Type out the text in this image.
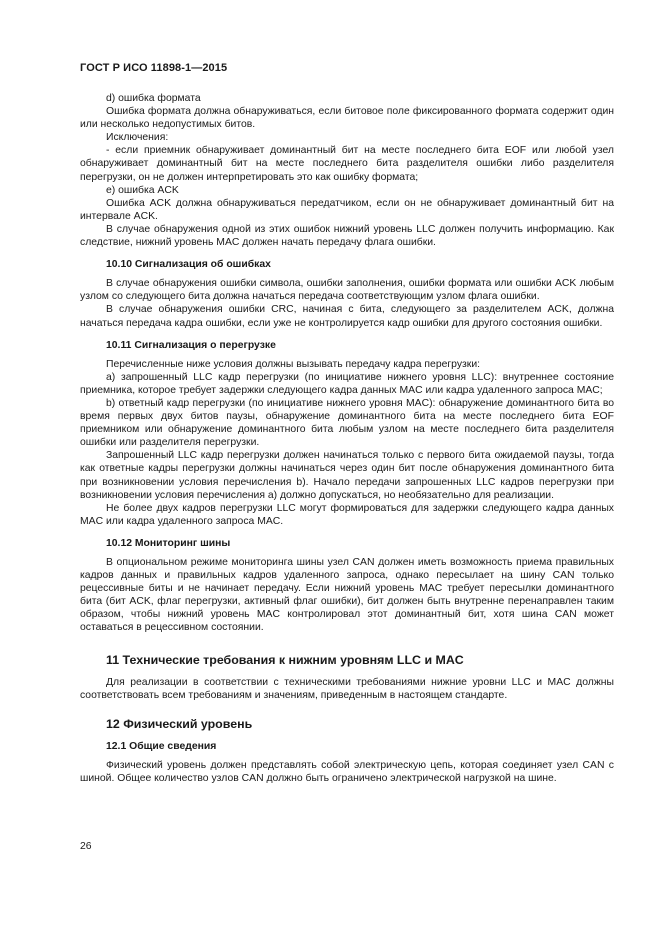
ГОСТ Р ИСО 11898-1—2015

d) ошибка формата

Ошибка формата должна обнаруживаться, если битовое поле фиксированного формата содержит один или несколько недопустимых битов.

Исключения:

- если приемник обнаруживает доминантный бит на месте последнего бита EOF или любой узел обнаруживает доминантный бит на месте последнего бита разделителя ошибки либо разделителя перегрузки, он не должен интерпретировать это как ошибку формата;

e) ошибка ACK

Ошибка ACK должна обнаруживаться передатчиком, если он не обнаруживает доминантный бит на интервале ACK.

В случае обнаружения одной из этих ошибок нижний уровень LLC должен получить информацию. Как следствие, нижний уровень MAC должен начать передачу флага ошибки.

10.10 Сигнализация об ошибках

В случае обнаружения ошибки символа, ошибки заполнения, ошибки формата или ошибки ACK любым узлом со следующего бита должна начаться передача соответствующим узлом флага ошибки.

В случае обнаружения ошибки CRC, начиная с бита, следующего за разделителем ACK, должна начаться передача кадра ошибки, если уже не контролируется кадр ошибки для другого состояния ошибки.

10.11 Сигнализация о перегрузке

Перечисленные ниже условия должны вызывать передачу кадра перегрузки:

a) запрошенный LLC кадр перегрузки (по инициативе нижнего уровня LLC): внутреннее состояние приемника, которое требует задержки следующего кадра данных MAC или кадра удаленного запроса MAC;

b) ответный кадр перегрузки (по инициативе нижнего уровня MAC): обнаружение доминантного бита во время первых двух битов паузы, обнаружение доминантного бита на месте последнего бита EOF приемником или обнаружение доминантного бита любым узлом на месте последнего бита разделителя ошибки или разделителя перегрузки.

Запрошенный LLC кадр перегрузки должен начинаться только с первого бита ожидаемой паузы, тогда как ответные кадры перегрузки должны начинаться через один бит после обнаружения доминантного бита при возникновении условия перечисления b). Начало передачи запрошенных LLC кадров перегрузки при возникновении условия перечисления a) должно допускаться, но необязательно для реализации.

Не более двух кадров перегрузки LLC могут формироваться для задержки следующего кадра данных MAC или кадра удаленного запроса MAC.

10.12 Мониторинг шины

В опциональном режиме мониторинга шины узел CAN должен иметь возможность приема правильных кадров данных и правильных кадров удаленного запроса, однако пересылает на шину CAN только рецессивные биты и не начинает передачу. Если нижний уровень MAC требует пересылки доминантного бита (бит ACK, флаг перегрузки, активный флаг ошибки), бит должен быть внутренне перенаправлен таким образом, чтобы нижний уровень MAC контролировал этот доминантный бит, хотя шина CAN может оставаться в рецессивном состоянии.

11 Технические требования к нижним уровням LLC и MAC

Для реализации в соответствии с техническими требованиями нижние уровни LLC и MAC должны соответствовать всем требованиям и значениям, приведенным в настоящем стандарте.

12 Физический уровень
12.1 Общие сведения

Физический уровень должен представлять собой электрическую цепь, которая соединяет узел CAN с шиной. Общее количество узлов CAN должно быть ограничено электрической нагрузкой на шине.

26
